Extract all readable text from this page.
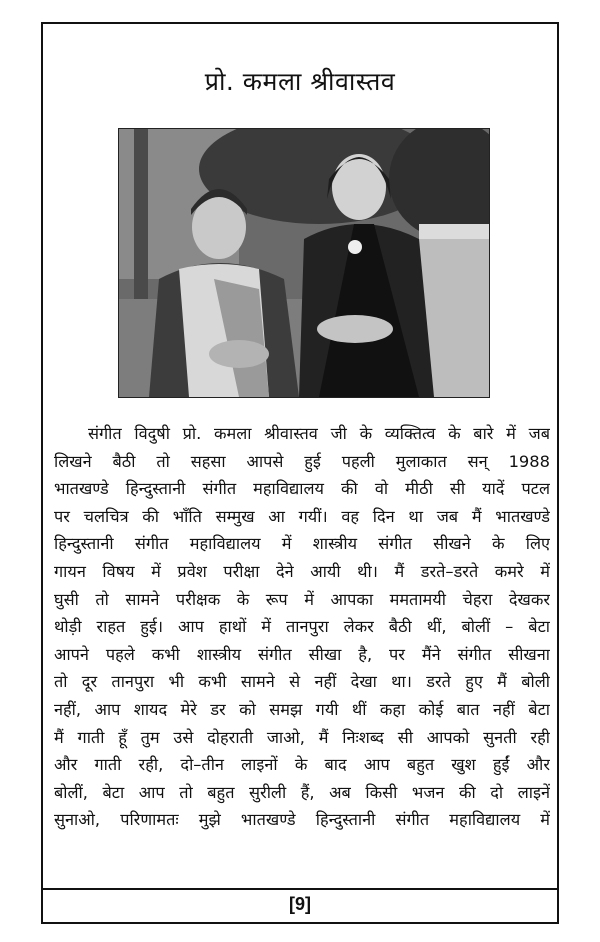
प्रो. कमला श्रीवास्तव
संगीत विदुषी प्रो. कमला श्रीवास्तव जी के व्यक्तित्व के बारे में जब
लिखने बैठी तो सहसा आपसे हुई पहली मुलाकात सन् 1988
भातखण्डे हिन्दुस्तानी संगीत महाविद्यालय की वो मीठी सी यादें पटल
पर चलचित्र की भाँति सम्मुख आ गयीं। वह दिन था जब मैं भातखण्डे
हिन्दुस्तानी संगीत महाविद्यालय में शास्त्रीय संगीत सीखने के लिए
गायन विषय में प्रवेश परीक्षा देने आयी थी। मैं डरते–डरते कमरे में
घुसी तो सामने परीक्षक के रूप में आपका ममतामयी चेहरा देखकर
थोड़ी राहत हुई। आप हाथों में तानपुरा लेकर बैठी थीं, बोलीं – बेटा
आपने पहले कभी शास्त्रीय संगीत सीखा है, पर मैंने संगीत सीखना
तो दूर तानपुरा भी कभी सामने से नहीं देखा था। डरते हुए मैं बोली
नहीं, आप शायद मेरे डर को समझ गयी थीं कहा कोई बात नहीं बेटा
मैं गाती हूँ तुम उसे दोहराती जाओ, मैं निःशब्द सी आपको सुनती रही
और गाती रही, दो–तीन लाइनों के बाद आप बहुत खुश हुईं और
बोलीं, बेटा आप तो बहुत सुरीली हैं, अब किसी भजन की दो लाइनें
सुनाओ, परिणामतः मुझे भातखण्डे हिन्दुस्तानी संगीत महाविद्यालय में
[9]
